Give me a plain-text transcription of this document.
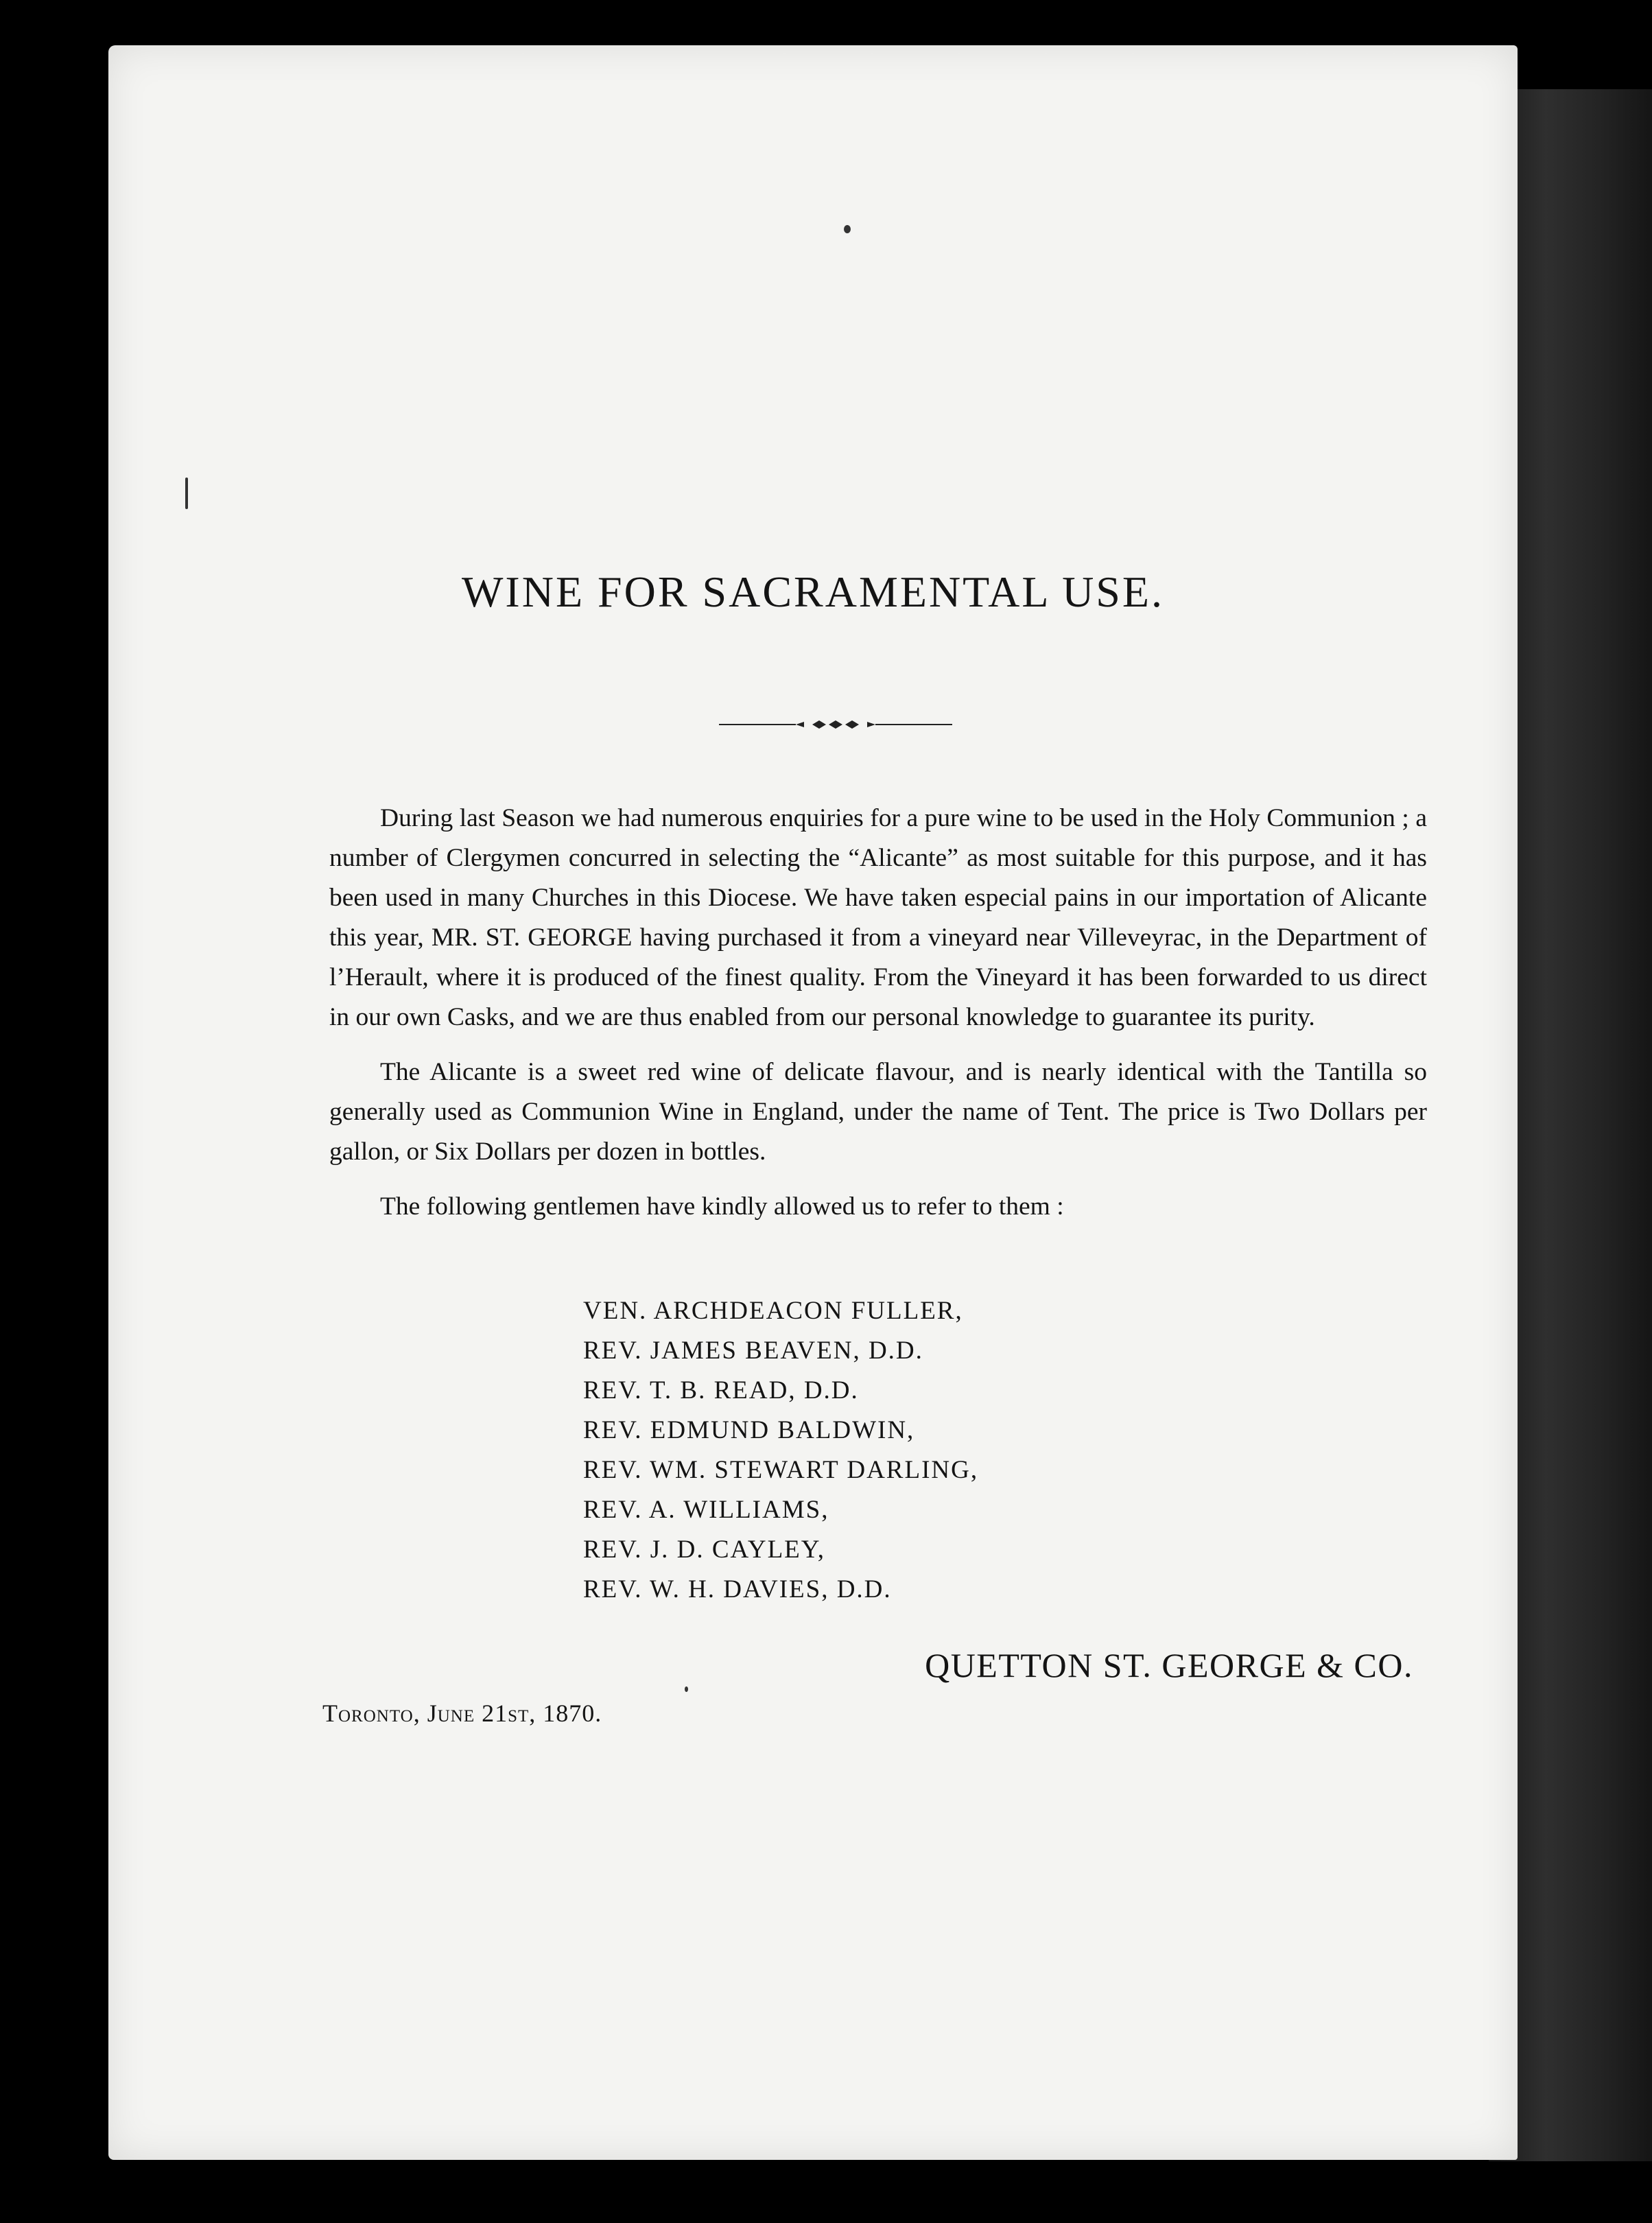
WINE FOR SACRAMENTAL USE.

During last Season we had numerous enquiries for a pure wine to be used in the Holy Communion ; a number of Clergymen concurred in selecting the “Alicante” as most suitable for this purpose, and it has been used in many Churches in this Diocese. We have taken especial pains in our importation of Alicante this year, MR. ST. GEORGE having purchased it from a vineyard near Villeveyrac, in the Department of l’Herault, where it is produced of the finest quality. From the Vineyard it has been forwarded to us direct in our own Casks, and we are thus enabled from our personal knowledge to guarantee its purity.

The Alicante is a sweet red wine of delicate flavour, and is nearly identical with the Tantilla so generally used as Communion Wine in England, under the name of Tent. The price is Two Dollars per gallon, or Six Dollars per dozen in bottles.

The following gentlemen have kindly allowed us to refer to them :

VEN. ARCHDEACON FULLER,
REV. JAMES BEAVEN, D.D.
REV. T. B. READ, D.D.
REV. EDMUND BALDWIN,
REV. WM. STEWART DARLING,
REV. A. WILLIAMS,
REV. J. D. CAYLEY,
REV. W. H. DAVIES, D.D.
QUETTON ST. GEORGE & CO.
Toronto, June 21st, 1870.
